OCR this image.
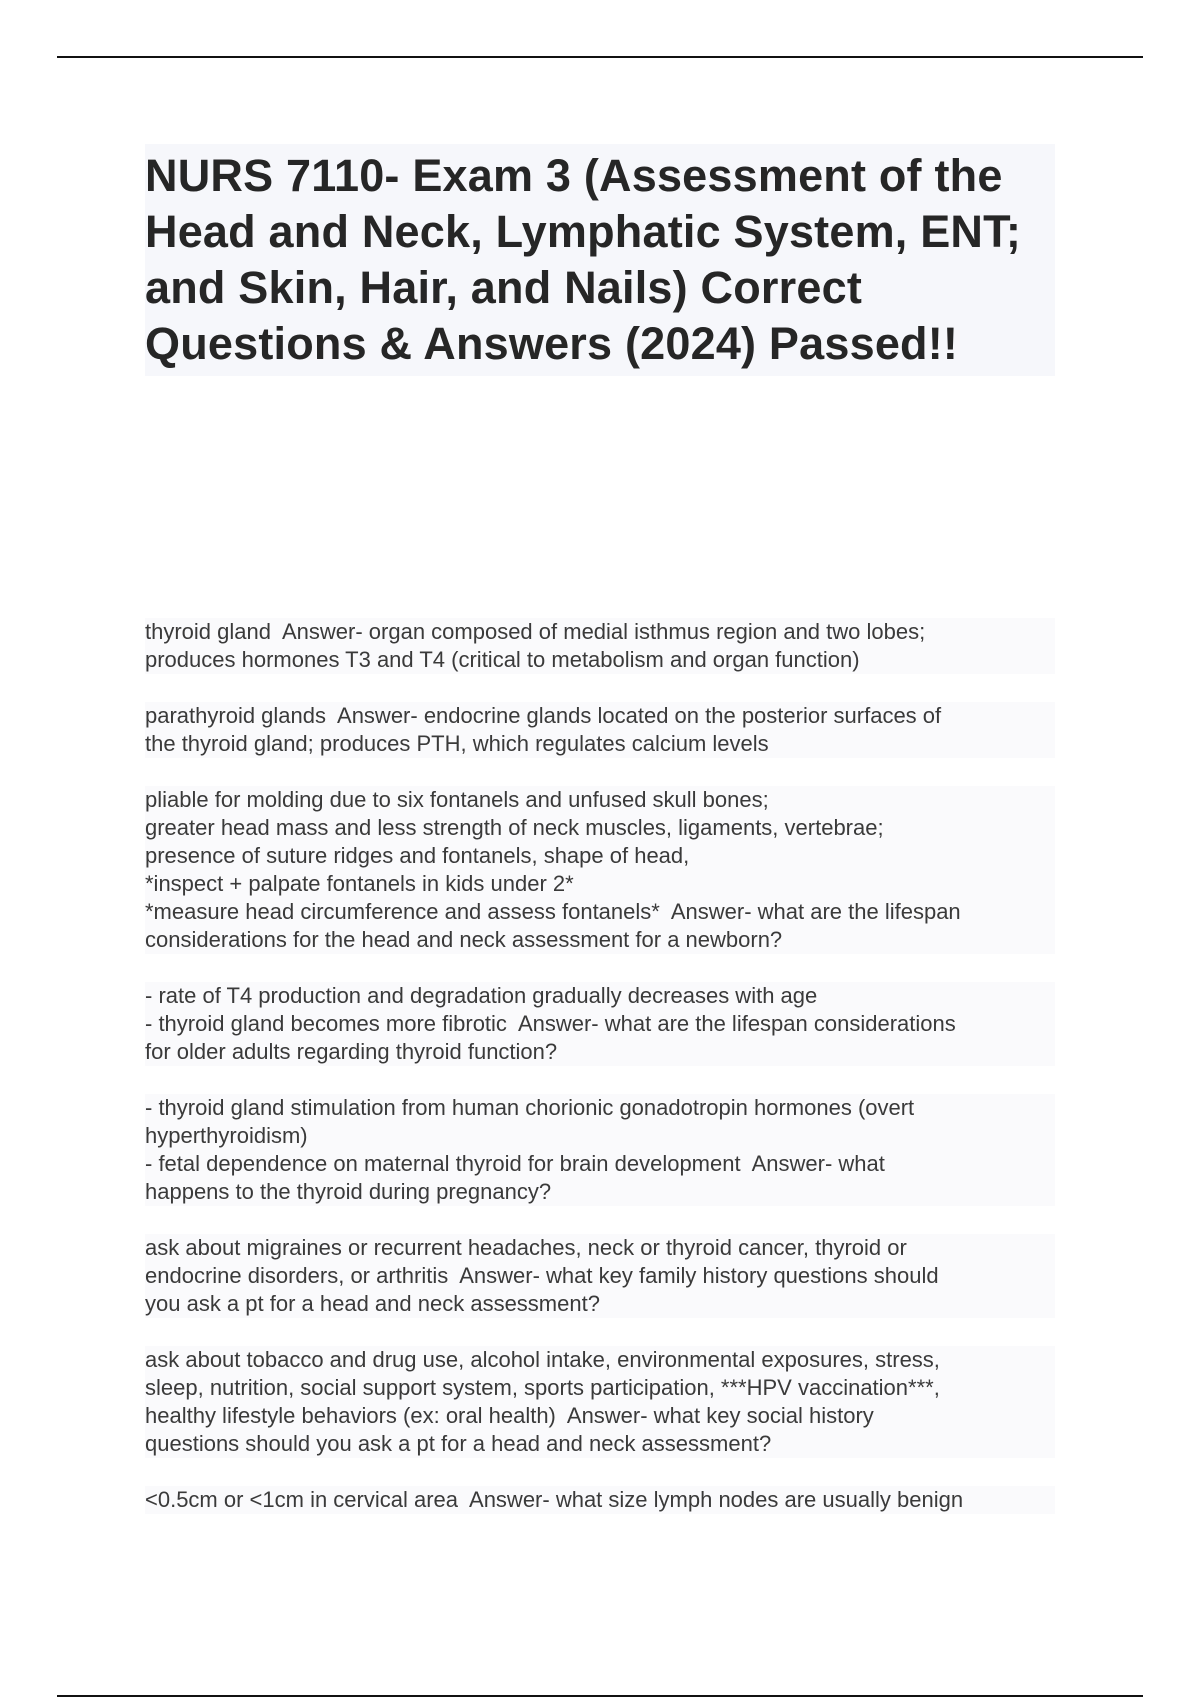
NURS 7110- Exam 3 (Assessment of the Head and Neck, Lymphatic System, ENT; and Skin, Hair, and Nails) Correct Questions & Answers (2024) Passed!!
thyroid gland  Answer- organ composed of medial isthmus region and two lobes;
produces hormones T3 and T4 (critical to metabolism and organ function)
parathyroid glands  Answer- endocrine glands located on the posterior surfaces of
the thyroid gland; produces PTH, which regulates calcium levels
pliable for molding due to six fontanels and unfused skull bones;
greater head mass and less strength of neck muscles, ligaments, vertebrae;
presence of suture ridges and fontanels, shape of head,
*inspect + palpate fontanels in kids under 2*
*measure head circumference and assess fontanels*  Answer- what are the lifespan
considerations for the head and neck assessment for a newborn?
- rate of T4 production and degradation gradually decreases with age
- thyroid gland becomes more fibrotic  Answer- what are the lifespan considerations
for older adults regarding thyroid function?
- thyroid gland stimulation from human chorionic gonadotropin hormones (overt
hyperthyroidism)
- fetal dependence on maternal thyroid for brain development  Answer- what
happens to the thyroid during pregnancy?
ask about migraines or recurrent headaches, neck or thyroid cancer, thyroid or
endocrine disorders, or arthritis  Answer- what key family history questions should
you ask a pt for a head and neck assessment?
ask about tobacco and drug use, alcohol intake, environmental exposures, stress,
sleep, nutrition, social support system, sports participation, ***HPV vaccination***,
healthy lifestyle behaviors (ex: oral health)  Answer- what key social history
questions should you ask a pt for a head and neck assessment?
<0.5cm or <1cm in cervical area  Answer- what size lymph nodes are usually benign
